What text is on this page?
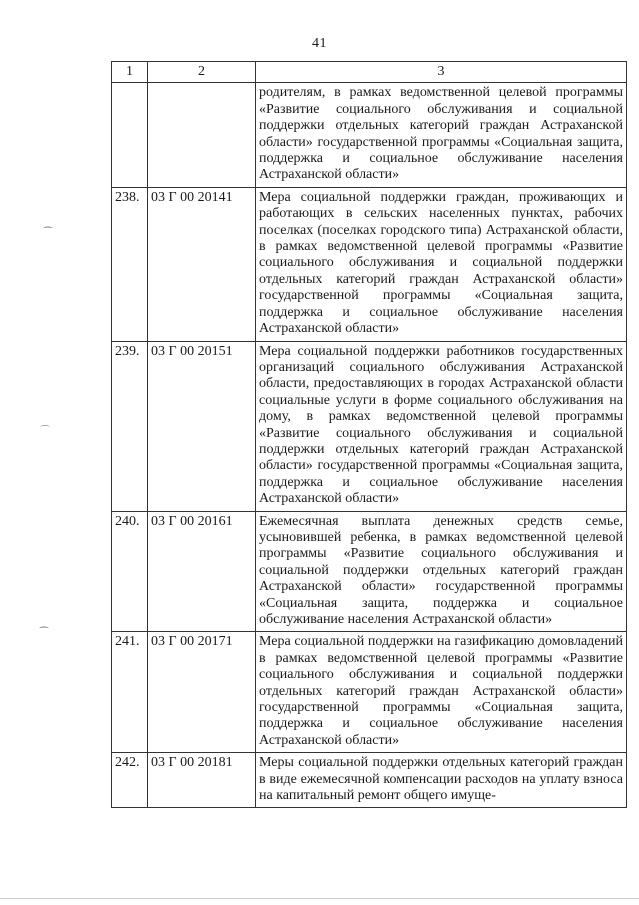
41
⁀
⌒
⁀
1	2	3
		родителям, в рамках ведомственной целевой программы «Развитие социального обслуживания и социальной поддержки отдельных категорий граждан Астраханской области» государственной программы «Социальная защита, поддержка и социальное обслуживание населения Астраханской области»
238.	03 Г 00 20141	Мера социальной поддержки граждан, проживающих и работающих в сельских населенных пунктах, рабочих поселках (поселках городского типа) Астраханской области, в рамках ведомственной целевой программы «Развитие социального обслуживания и социальной поддержки отдельных категорий граждан Астраханской области» государственной программы «Социальная защита, поддержка и социальное обслуживание населения Астраханской области»
239.	03 Г 00 20151	Мера социальной поддержки работников государственных организаций социального обслуживания Астраханской области, предоставляющих в городах Астраханской области социальные услуги в форме социального обслуживания на дому, в рамках ведомственной целевой программы «Развитие социального обслуживания и социальной поддержки отдельных категорий граждан Астраханской области» государственной программы «Социальная защита, поддержка и социальное обслуживание населения Астраханской области»
240.	03 Г 00 20161	Ежемесячная выплата денежных средств семье, усыновившей ребенка, в рамках ведомственной целевой программы «Развитие социального обслуживания и социальной поддержки отдельных категорий граждан Астраханской области» государственной программы «Социальная защита, поддержка и социальное обслуживание населения Астраханской области»
241.	03 Г 00 20171	Мера социальной поддержки на газификацию домовладений в рамках ведомственной целевой программы «Развитие социального обслуживания и социальной поддержки отдельных категорий граждан Астраханской области» государственной программы «Социальная защита, поддержка и социальное обслуживание населения Астраханской области»
242.	03 Г 00 20181	Меры социальной поддержки отдельных категорий граждан в виде ежемесячной компенсации расходов на уплату взноса на капитальный ремонт общего имуще-
